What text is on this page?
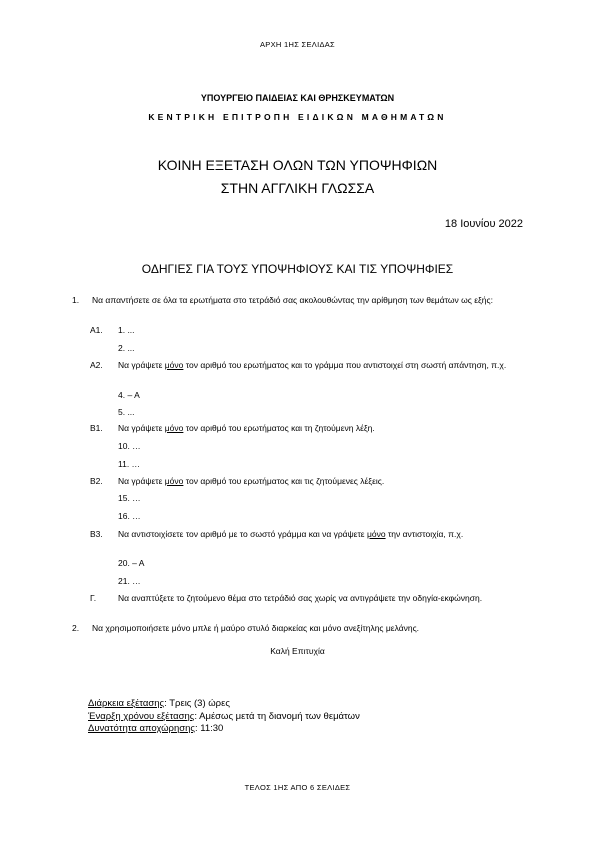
ΑΡΧΗ 1ΗΣ ΣΕΛΙΔΑΣ
ΥΠΟΥΡΓΕΙΟ ΠΑΙΔΕΙΑΣ ΚΑΙ ΘΡΗΣΚΕΥΜΑΤΩΝ
ΚΕΝΤΡΙΚΗ ΕΠΙΤΡΟΠΗ ΕΙΔΙΚΩΝ ΜΑΘΗΜΑΤΩΝ
ΚΟΙΝΗ ΕΞΕΤΑΣΗ ΟΛΩΝ ΤΩΝ ΥΠΟΨΗΦΙΩΝ
ΣΤΗΝ ΑΓΓΛΙΚΗ ΓΛΩΣΣΑ
18 Ιουνίου 2022
ΟΔΗΓΙΕΣ ΓΙΑ ΤΟΥΣ ΥΠΟΨΗΦΙΟΥΣ ΚΑΙ ΤΙΣ ΥΠΟΨΗΦΙΕΣ
1. Να απαντήσετε σε όλα τα ερωτήματα στο τετράδιό σας ακολουθώντας την αρίθμηση των θεμάτων ως εξής:
Α1. 1. ...
2. ...
Α2. Να γράψετε μόνο τον αριθμό του ερωτήματος και το γράμμα που αντιστοιχεί στη σωστή απάντηση, π.χ.
4. – Α
5. ...
Β1. Να γράψετε μόνο τον αριθμό του ερωτήματος και τη ζητούμενη λέξη.
10. …
11. …
Β2. Να γράψετε μόνο τον αριθμό του ερωτήματος και τις ζητούμενες λέξεις.
15. …
16. …
Β3. Να αντιστοιχίσετε τον αριθμό με το σωστό γράμμα και να γράψετε μόνο την αντιστοιχία, π.χ.
20. – Α
21. …
Γ.	Να αναπτύξετε το ζητούμενο θέμα στο τετράδιό σας χωρίς να αντιγράψετε την οδηγία-εκφώνηση.
2. Να χρησιμοποιήσετε μόνο μπλε ή μαύρο στυλό διαρκείας και μόνο ανεξίτηλης μελάνης.
Καλή Επιτυχία
Διάρκεια εξέτασης: Τρεις (3) ώρες
Έναρξη χρόνου εξέτασης: Αμέσως μετά τη διανομή των θεμάτων
Δυνατότητα αποχώρησης: 11:30
ΤΕΛΟΣ 1ΗΣ ΑΠΟ 6 ΣΕΛΙΔΕΣ
